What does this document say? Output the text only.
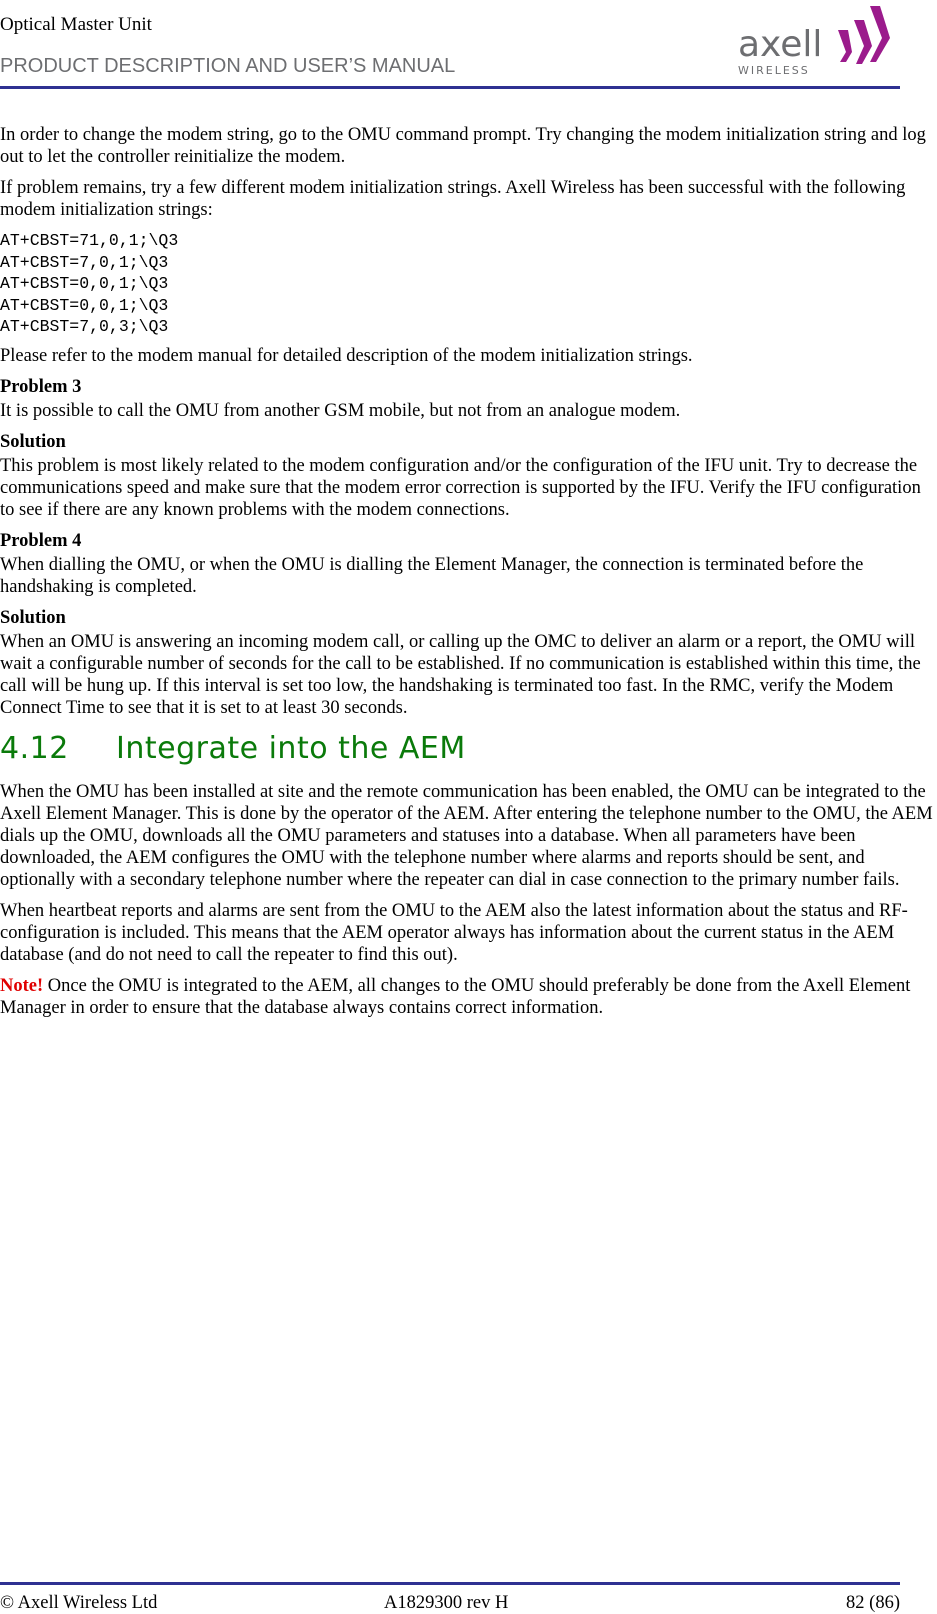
Optical Master Unit
PRODUCT DESCRIPTION AND USER’S MANUAL
axell
WIRELESS

In order to change the modem string, go to the OMU command prompt. Try changing the modem initialization string and log out to let the controller reinitialize the modem.

If problem remains, try a few different modem initialization strings. Axell Wireless has been successful with the following modem initialization strings:

AT+CBST=71,0,1;\Q3
AT+CBST=7,0,1;\Q3
AT+CBST=0,0,1;\Q3
AT+CBST=0,0,1;\Q3
AT+CBST=7,0,3;\Q3

Please refer to the modem manual for detailed description of the modem initialization strings.

Problem 3

It is possible to call the OMU from another GSM mobile, but not from an analogue modem.

Solution

This problem is most likely related to the modem configuration and/or the configuration of the IFU unit. Try to decrease the communications speed and make sure that the modem error correction is supported by the IFU. Verify the IFU configuration to see if there are any known problems with the modem connections.

Problem 4

When dialling the OMU, or when the OMU is dialling the Element Manager, the connection is terminated before the handshaking is completed.

Solution

When an OMU is answering an incoming modem call, or calling up the OMC to deliver an alarm or a report, the OMU will wait a configurable number of seconds for the call to be established. If no communication is established within this time, the call will be hung up. If this interval is set too low, the handshaking is terminated too fast. In the RMC, verify the Modem Connect Time to see that it is set to at least 30 seconds.

4.12 Integrate into the AEM

When the OMU has been installed at site and the remote communication has been enabled, the OMU can be integrated to the Axell Element Manager. This is done by the operator of the AEM. After entering the telephone number to the OMU, the AEM dials up the OMU, downloads all the OMU parameters and statuses into a database. When all parameters have been downloaded, the AEM configures the OMU with the telephone number where alarms and reports should be sent, and optionally with a secondary telephone number where the repeater can dial in case connection to the primary number fails.

When heartbeat reports and alarms are sent from the OMU to the AEM also the latest information about the status and RF-configuration is included. This means that the AEM operator always has information about the current status in the AEM database (and do not need to call the repeater to find this out).

Note! Once the OMU is integrated to the AEM, all changes to the OMU should preferably be done from the Axell Element Manager in order to ensure that the database always contains correct information.

© Axell Wireless Ltd	A1829300 rev H	82 (86)
